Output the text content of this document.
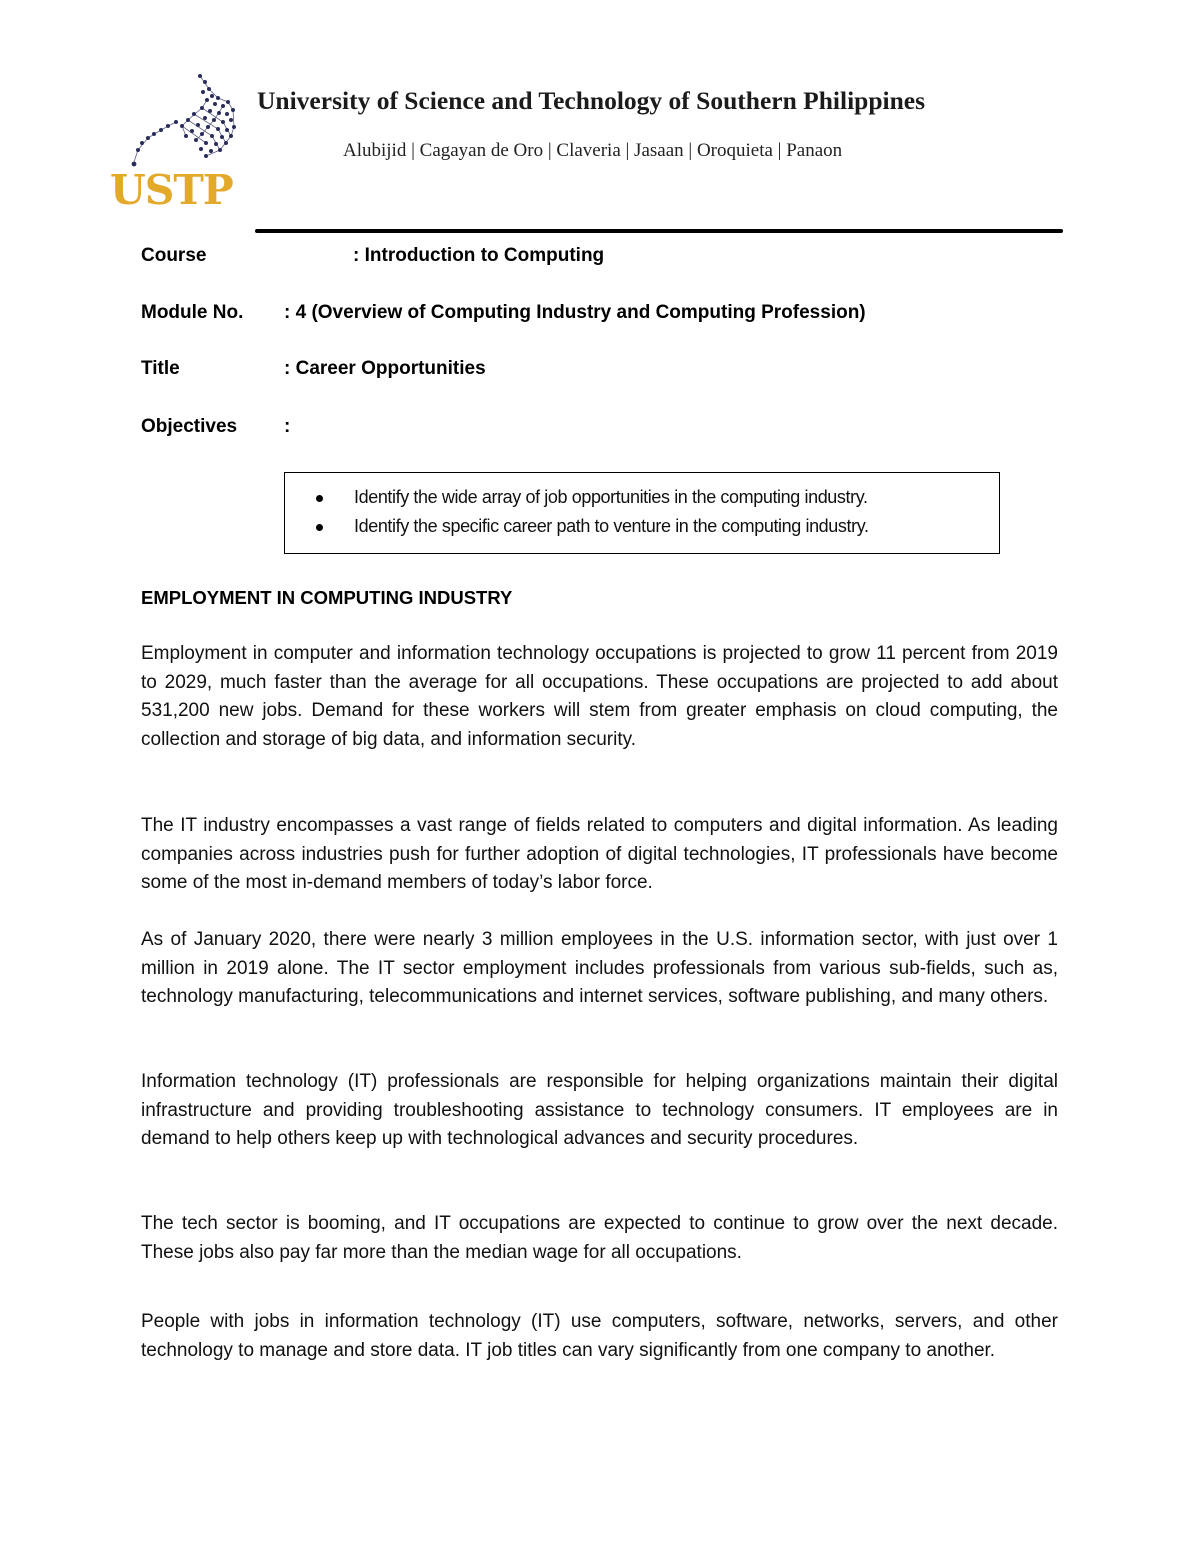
USTP
University of Science and Technology of Southern Philippines
Alubijid | Cagayan de Oro | Claveria | Jasaan | Oroquieta | Panaon
Course	: Introduction to Computing
Module No. : 4 (Overview of Computing Industry and Computing Profession)
Title	: Career Opportunities
Objectives :
Identify the wide array of job opportunities in the computing industry.
Identify the specific career path to venture in the computing industry.
EMPLOYMENT IN COMPUTING INDUSTRY

Employment in computer and information technology occupations is projected to grow 11 percent from 2019 to 2029, much faster than the average for all occupations. These occupations are projected to add about 531,200 new jobs. Demand for these workers will stem from greater emphasis on cloud computing, the collection and storage of big data, and information security.

The IT industry encompasses a vast range of fields related to computers and digital information. As leading companies across industries push for further adoption of digital technologies, IT professionals have become some of the most in-demand members of today’s labor force.

As of January 2020, there were nearly 3 million employees in the U.S. information sector, with just over 1 million in 2019 alone. The IT sector employment includes professionals from various sub-fields, such as, technology manufacturing, telecommunications and internet services, software publishing, and many others.

Information technology (IT) professionals are responsible for helping organizations maintain their digital infrastructure and providing troubleshooting assistance to technology consumers. IT employees are in demand to help others keep up with technological advances and security procedures.

The tech sector is booming, and IT occupations are expected to continue to grow over the next decade. These jobs also pay far more than the median wage for all occupations.

People with jobs in information technology (IT) use computers, software, networks, servers, and other technology to manage and store data. IT job titles can vary significantly from one company to another.
